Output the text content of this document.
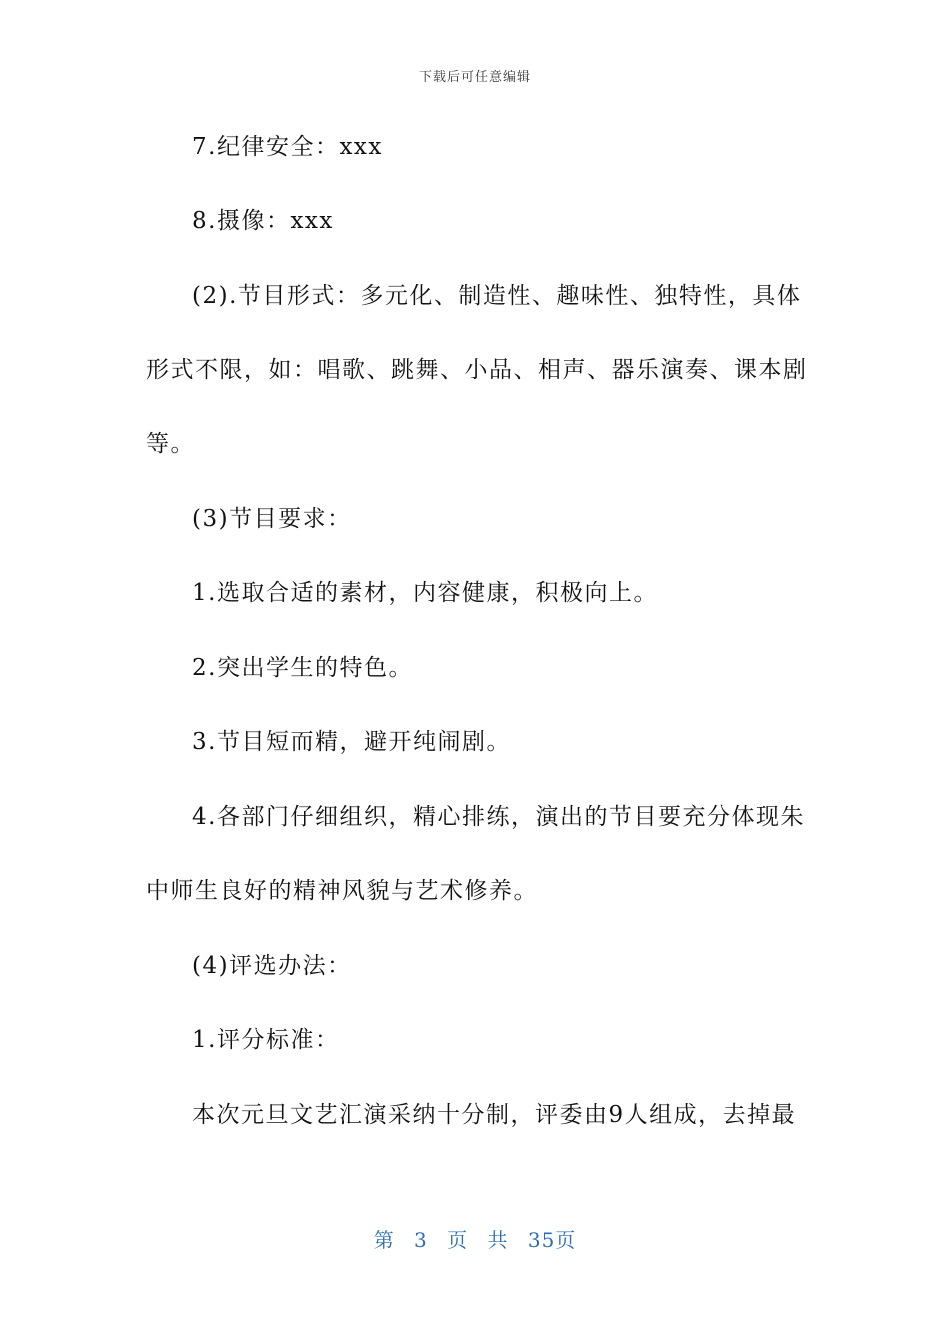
下载后可任意编辑
7.纪律安全：xxx
8.摄像：xxx
(2).节目形式：多元化、制造性、趣味性、独特性，具体
形式不限，如：唱歌、跳舞、小品、相声、器乐演奏、课本剧
等。
(3)节目要求：
1.选取合适的素材，内容健康，积极向上。
2.突出学生的特色。
3.节目短而精，避开纯闹剧。
4.各部门仔细组织，精心排练，演出的节目要充分体现朱
中师生良好的精神风貌与艺术修养。
(4)评选办法：
1.评分标准：
本次元旦文艺汇演采纳十分制，评委由9人组成，去掉最
第 3 页 共 35页
